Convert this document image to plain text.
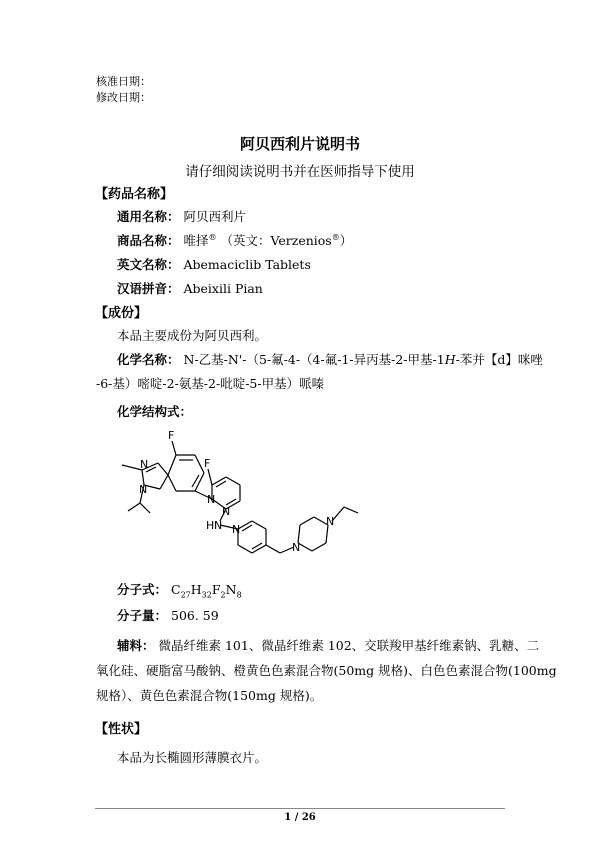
核准日期：
修改日期：
阿贝西利片说明书
请仔细阅读说明书并在医师指导下使用
【药品名称】
通用名称： 阿贝西利片
商品名称： 唯择® （英文：Verzenios®）
英文名称： Abemaciclib Tablets
汉语拼音： Abeixili Pian
【成份】
本品主要成份为阿贝西利。
化学名称： N-乙基-N'-（5-氟-4-（4-氟-1-异丙基-2-甲基-1H-苯并【d】咪唑
-6-基）嘧啶-2-氨基-2-吡啶-5-甲基）哌嗪
化学结构式：
F
F
N
N
N
N
H N N
N
N
分子式： $C_{27}H_{32}F_2N_8$
分子量： 506. 59
辅料： 微晶纤维素 101、微晶纤维素 102、交联羧甲基纤维素钠、乳糖、二
氧化硅、硬脂富马酸钠、橙黄色色素混合物(50mg 规格)、白色色素混合物(100mg
规格）、黄色色素混合物(150mg 规格)。
【性状】
本品为长椭圆形薄膜衣片。
1 / 26
